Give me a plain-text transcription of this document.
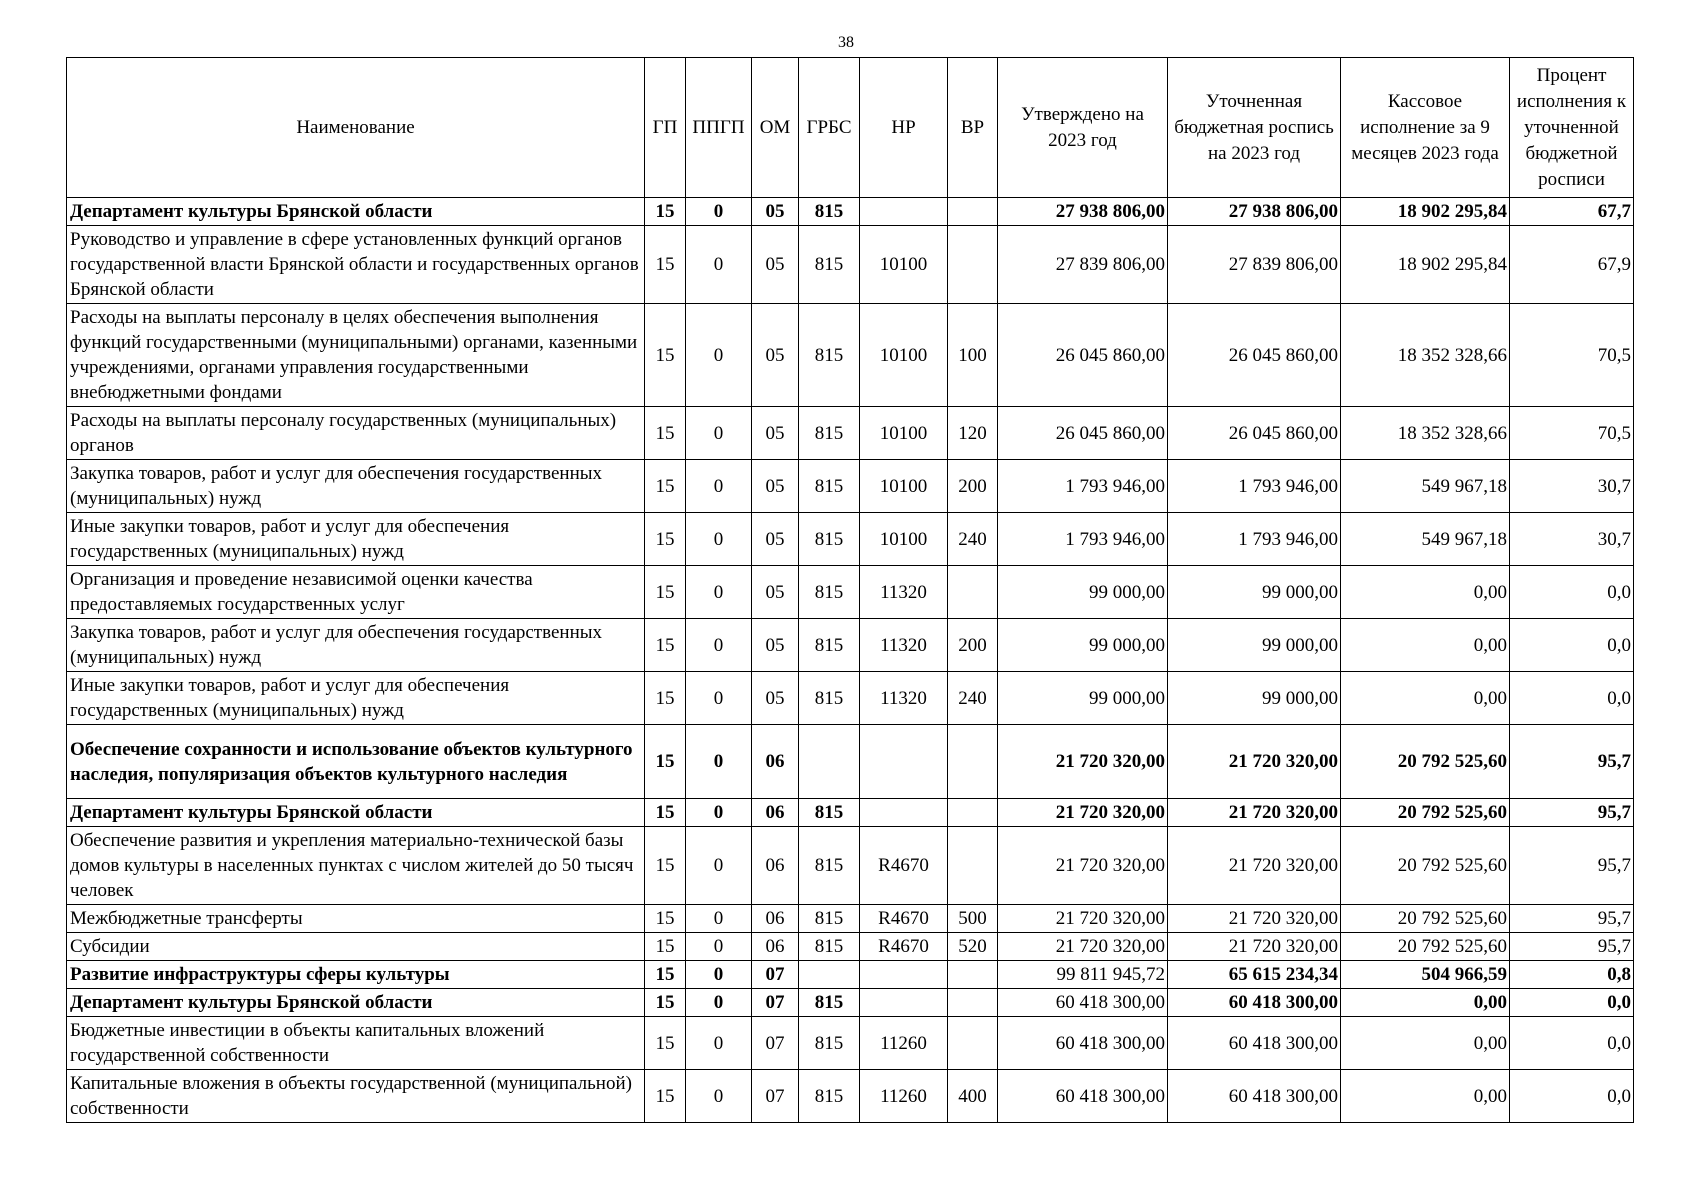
38
Наименование	ГП	ППГП	ОМ	ГРБС	НР	ВР	Утверждено на 2023 год	Уточненная бюджетная роспись на 2023 год	Кассовое исполнение за 9 месяцев 2023 года	Процент исполнения к уточненной бюджетной росписи
Департамент культуры Брянской области	15	0	05	815			27 938 806,00	27 938 806,00	18 902 295,84	67,7
Руководство и управление в сфере установленных функций органов государственной власти Брянской области и государственных органов Брянской области	15	0	05	815	10100		27 839 806,00	27 839 806,00	18 902 295,84	67,9
Расходы на выплаты персоналу в целях обеспечения выполнения функций государственными (муниципальными) органами, казенными учреждениями, органами управления государственными внебюджетными фондами	15	0	05	815	10100	100	26 045 860,00	26 045 860,00	18 352 328,66	70,5
Расходы на выплаты персоналу государственных (муниципальных) органов	15	0	05	815	10100	120	26 045 860,00	26 045 860,00	18 352 328,66	70,5
Закупка товаров, работ и услуг для обеспечения государственных (муниципальных) нужд	15	0	05	815	10100	200	1 793 946,00	1 793 946,00	549 967,18	30,7
Иные закупки товаров, работ и услуг для обеспечения государственных (муниципальных) нужд	15	0	05	815	10100	240	1 793 946,00	1 793 946,00	549 967,18	30,7
Организация и проведение независимой оценки качества предоставляемых государственных услуг	15	0	05	815	11320		99 000,00	99 000,00	0,00	0,0
Закупка товаров, работ и услуг для обеспечения государственных (муниципальных) нужд	15	0	05	815	11320	200	99 000,00	99 000,00	0,00	0,0
Иные закупки товаров, работ и услуг для обеспечения государственных (муниципальных) нужд	15	0	05	815	11320	240	99 000,00	99 000,00	0,00	0,0
Обеспечение сохранности и использование объектов культурного наследия, популяризация объектов культурного наследия	15	0	06				21 720 320,00	21 720 320,00	20 792 525,60	95,7
Департамент культуры Брянской области	15	0	06	815			21 720 320,00	21 720 320,00	20 792 525,60	95,7
Обеспечение развития и укрепления материально-технической базы домов культуры в населенных пунктах с числом жителей до 50 тысяч человек	15	0	06	815	R4670		21 720 320,00	21 720 320,00	20 792 525,60	95,7
Межбюджетные трансферты	15	0	06	815	R4670	500	21 720 320,00	21 720 320,00	20 792 525,60	95,7
Субсидии	15	0	06	815	R4670	520	21 720 320,00	21 720 320,00	20 792 525,60	95,7
Развитие инфраструктуры сферы культуры	15	0	07				99 811 945,72	65 615 234,34	504 966,59	0,8
Департамент культуры Брянской области	15	0	07	815			60 418 300,00	60 418 300,00	0,00	0,0
Бюджетные инвестиции в объекты капитальных вложений государственной собственности	15	0	07	815	11260		60 418 300,00	60 418 300,00	0,00	0,0
Капитальные вложения в объекты государственной (муниципальной) собственности	15	0	07	815	11260	400	60 418 300,00	60 418 300,00	0,00	0,0
